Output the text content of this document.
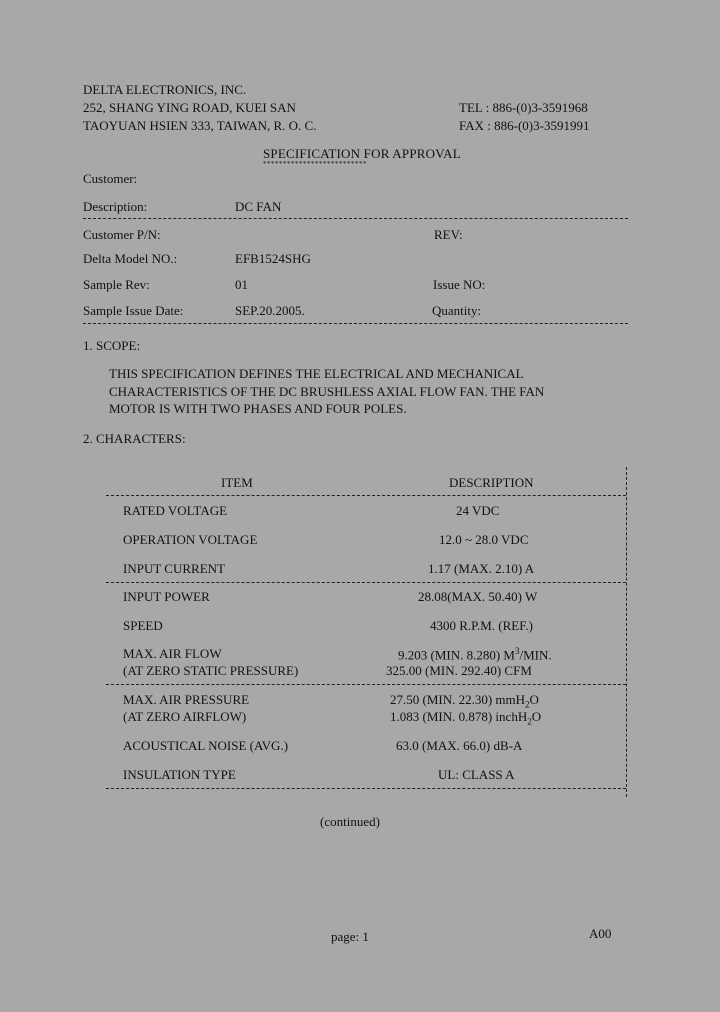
DELTA ELECTRONICS, INC.
252, SHANG YING ROAD, KUEI SAN
TAOYUAN HSIEN 333, TAIWAN, R. O. C.
TEL : 886-(0)3-3591968
FAX : 886-(0)3-3591991
SPECIFICATION FOR APPROVAL
**************************
Customer:
Description:	DC FAN
Customer P/N:	REV:
Delta Model NO.:	EFB1524SHG
Sample Rev:	01	Issue NO:
Sample Issue Date:	SEP.20.2005.	Quantity:
1. SCOPE:

THIS SPECIFICATION DEFINES THE ELECTRICAL AND MECHANICAL

CHARACTERISTICS OF THE DC BRUSHLESS AXIAL FLOW FAN. THE FAN

MOTOR IS WITH TWO PHASES AND FOUR POLES.

2. CHARACTERS:
ITEM	DESCRIPTION
RATED VOLTAGE	24 VDC
OPERATION VOLTAGE	12.0 ~ 28.0 VDC
INPUT CURRENT	1.17 (MAX. 2.10) A
INPUT POWER	28.08(MAX. 50.40) W
SPEED	4300 R.P.M. (REF.)
MAX. AIR FLOW	9.203 (MIN. 8.280) $M^3$/MIN.
(AT ZERO STATIC PRESSURE)	325.00 (MIN. 292.40) CFM
MAX. AIR PRESSURE	27.50 (MIN. 22.30) mmH$_2$O
(AT ZERO AIRFLOW)	1.083 (MIN. 0.878) inchH$_2$O
ACOUSTICAL NOISE (AVG.)	63.0 (MAX. 66.0) dB-A
INSULATION TYPE	UL: CLASS A
(continued)
page: 1	A00
